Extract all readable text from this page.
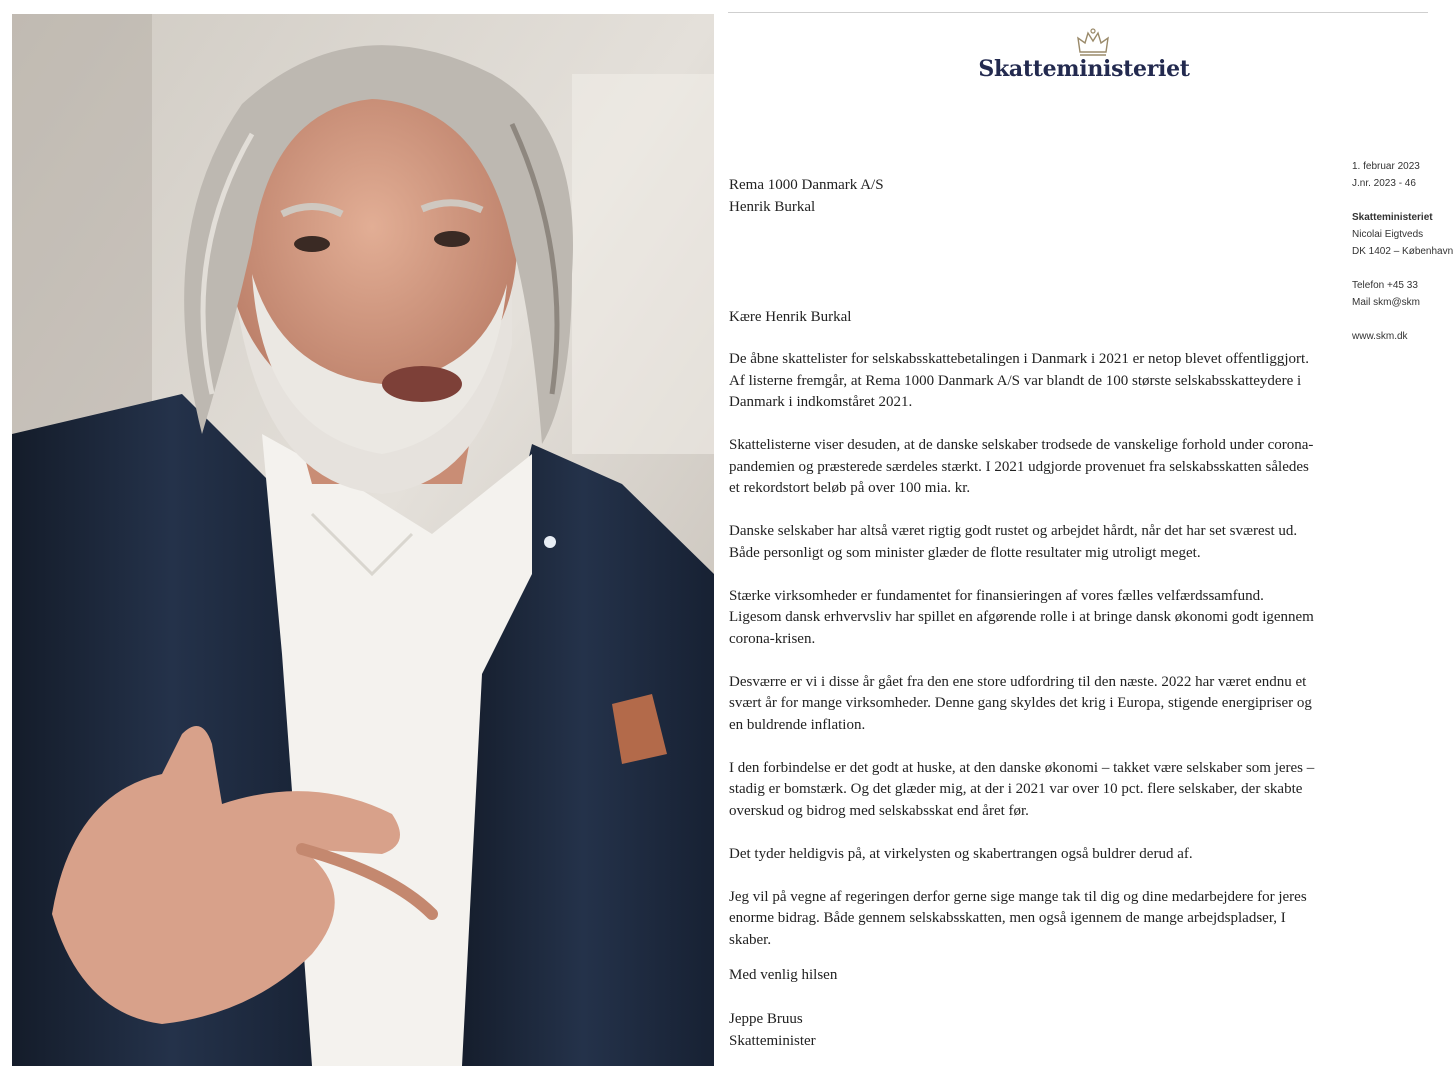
Skatteministeriet
1. februar 2023
J.nr. 2023 - 46
Skatteministeriet
Nicolai Eigtveds
DK 1402 – København
Telefon +45 33
Mail skm@skm
www.skm.dk

Rema 1000 Danmark A/S

Henrik Burkal

Kære Henrik Burkal

De åbne skattelister for selskabsskattebetalingen i Danmark i 2021 er netop blevet offentliggjort. Af listerne fremgår, at Rema 1000 Danmark A/S var blandt de 100 største selskabsskatteydere i Danmark i indkomståret 2021.

Skattelisterne viser desuden, at de danske selskaber trodsede de vanskelige forhold under corona-pandemien og præsterede særdeles stærkt. I 2021 udgjorde provenuet fra selskabsskatten således et rekordstort beløb på over 100 mia. kr.

Danske selskaber har altså været rigtig godt rustet og arbejdet hårdt, når det har set sværest ud. Både personligt og som minister glæder de flotte resultater mig utroligt meget.

Stærke virksomheder er fundamentet for finansieringen af vores fælles velfærdssamfund. Ligesom dansk erhvervsliv har spillet en afgørende rolle i at bringe dansk økonomi godt igennem corona-krisen.

Desværre er vi i disse år gået fra den ene store udfordring til den næste. 2022 har været endnu et svært år for mange virksomheder. Denne gang skyldes det krig i Europa, stigende energipriser og en buldrende inflation.

I den forbindelse er det godt at huske, at den danske økonomi – takket være selskaber som jeres – stadig er bomstærk. Og det glæder mig, at der i 2021 var over 10 pct. flere selskaber, der skabte overskud og bidrog med selskabsskat end året før.

Det tyder heldigvis på, at virkelysten og skabertrangen også buldrer derud af.

Jeg vil på vegne af regeringen derfor gerne sige mange tak til dig og dine medarbejdere for jeres enorme bidrag. Både gennem selskabsskatten, men også igennem de mange arbejdspladser, I skaber.

Med venlig hilsen

Jeppe Bruus

Skatteminister
